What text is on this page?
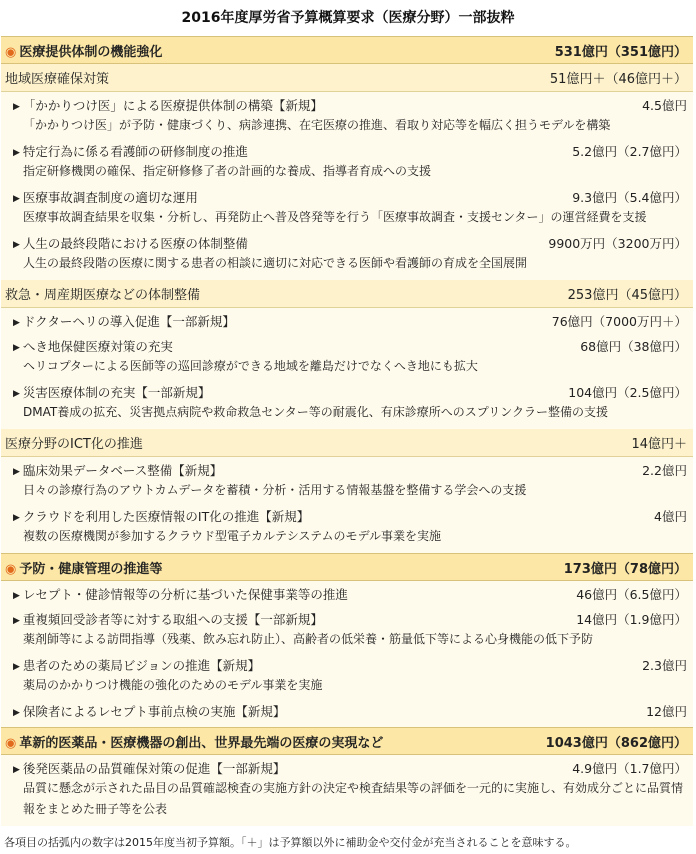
2016年度厚労省予算概算要求（医療分野）一部抜粋
◉ 医療提供体制の機能強化	531億円（351億円）
地域医療確保対策	51億円＋（46億円＋）
▶ 「かかりつけ医」による医療提供体制の構築【新規】	4.5億円
「かかりつけ医」が予防・健康づくり、病診連携、在宅医療の推進、看取り対応等を幅広く担うモデルを構築
▶ 特定行為に係る看護師の研修制度の推進	5.2億円（2.7億円）
指定研修機関の確保、指定研修修了者の計画的な養成、指導者育成への支援
▶ 医療事故調査制度の適切な運用	9.3億円（5.4億円）
医療事故調査結果を収集・分析し、再発防止へ普及啓発等を行う「医療事故調査・支援センター」の運営経費を支援
▶ 人生の最終段階における医療の体制整備	9900万円（3200万円）
人生の最終段階の医療に関する患者の相談に適切に対応できる医師や看護師の育成を全国展開
救急・周産期医療などの体制整備	253億円（45億円）
▶ ドクターヘリの導入促進【一部新規】	76億円（7000万円＋）
▶ へき地保健医療対策の充実	68億円（38億円）
ヘリコプターによる医師等の巡回診療ができる地域を離島だけでなくへき地にも拡大
▶ 災害医療体制の充実【一部新規】	104億円（2.5億円）
DMAT養成の拡充、災害拠点病院や救命救急センター等の耐震化、有床診療所へのスプリンクラー整備の支援
医療分野のICT化の推進	14億円＋
▶ 臨床効果データベース整備【新規】	2.2億円
日々の診療行為のアウトカムデータを蓄積・分析・活用する情報基盤を整備する学会への支援
▶ クラウドを利用した医療情報のIT化の推進【新規】	4億円
複数の医療機関が参加するクラウド型電子カルテシステムのモデル事業を実施
◉ 予防・健康管理の推進等	173億円（78億円）
▶ レセプト・健診情報等の分析に基づいた保健事業等の推進	46億円（6.5億円）
▶ 重複頻回受診者等に対する取組への支援【一部新規】	14億円（1.9億円）
薬剤師等による訪問指導（残薬、飲み忘れ防止）、高齢者の低栄養・筋量低下等による心身機能の低下予防
▶ 患者のための薬局ビジョンの推進【新規】	2.3億円
薬局のかかりつけ機能の強化のためのモデル事業を実施
▶ 保険者によるレセプト事前点検の実施【新規】	12億円
◉ 革新的医薬品・医療機器の創出、世界最先端の医療の実現など	1043億円（862億円）
▶ 後発医薬品の品質確保対策の促進【一部新規】	4.9億円（1.7億円）
品質に懸念が示された品目の品質確認検査の実施方針の決定や検査結果等の評価を一元的に実施し、有効成分ごとに品質情報をまとめた冊子等を公表
各項目の括弧内の数字は2015年度当初予算額。「＋」は予算額以外に補助金や交付金が充当されることを意味する。
